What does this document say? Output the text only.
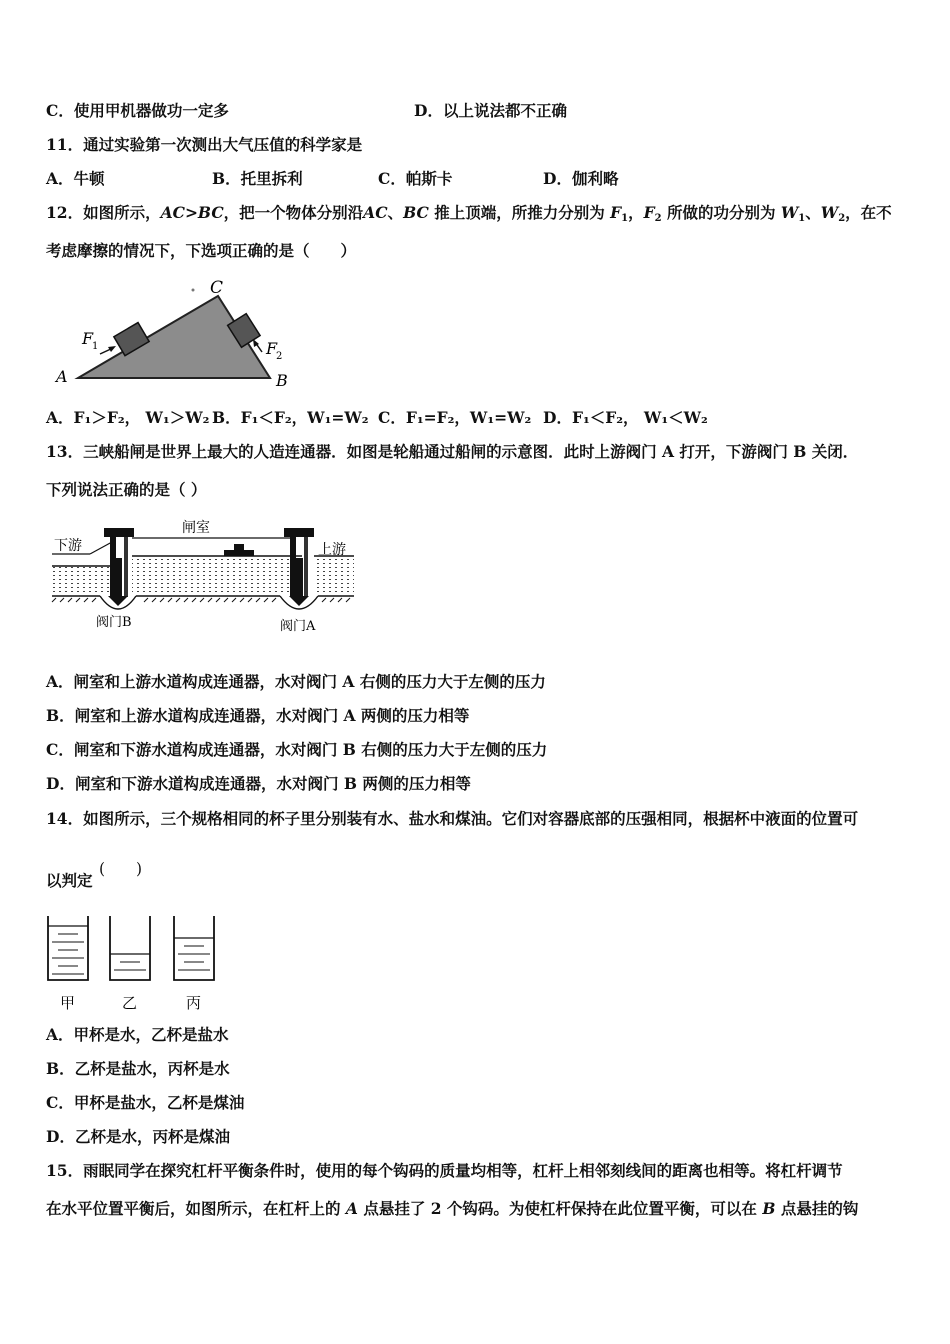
C．使用甲机器做功一定多	D．以上说法都不正确
11．通过实验第一次测出大气压值的科学家是
A．牛顿	B．托里拆利	C．帕斯卡	D．伽利略
12．如图所示，AC>BC，把一个物体分别沿AC、BC 推上顶端，所推力分别为 $F_1$，$F_2$ 所做的功分别为 $W_1$、$W_2$，在不
考虑摩擦的情况下，下选项正确的是（　　）
A	B
C
F
1	F
2
A．F₁＞F₂， W₁＞W₂ B．F₁＜F₂，W₁=W₂ C．F₁=F₂，W₁=W₂ D．F₁＜F₂， W₁＜W₂
13．三峡船闸是世界上最大的人造连通器．如图是轮船通过船闸的示意图．此时上游阀门 A 打开，下游阀门 B 关闭．
下列说法正确的是（ ）
闸室
下游	上游
阀门B	阀门A
A．闸室和上游水道构成连通器，水对阀门 A 右侧的压力大于左侧的压力
B．闸室和上游水道构成连通器，水对阀门 A 两侧的压力相等
C．闸室和下游水道构成连通器，水对阀门 B 右侧的压力大于左侧的压力
D．闸室和下游水道构成连通器，水对阀门 B 两侧的压力相等
14．如图所示，三个规格相同的杯子里分别装有水、盐水和煤油。它们对容器底部的压强相同，根据杯中液面的位置可
以判定
(　　)
甲	乙	丙
A．甲杯是水，乙杯是盐水
B．乙杯是盐水，丙杯是水
C．甲杯是盐水，乙杯是煤油
D．乙杯是水，丙杯是煤油
15．雨眠同学在探究杠杆平衡条件时，使用的每个钩码的质量均相等，杠杆上相邻刻线间的距离也相等。将杠杆调节
在水平位置平衡后，如图所示，在杠杆上的 A 点悬挂了 2 个钩码。为使杠杆保持在此位置平衡，可以在 B 点悬挂的钩
